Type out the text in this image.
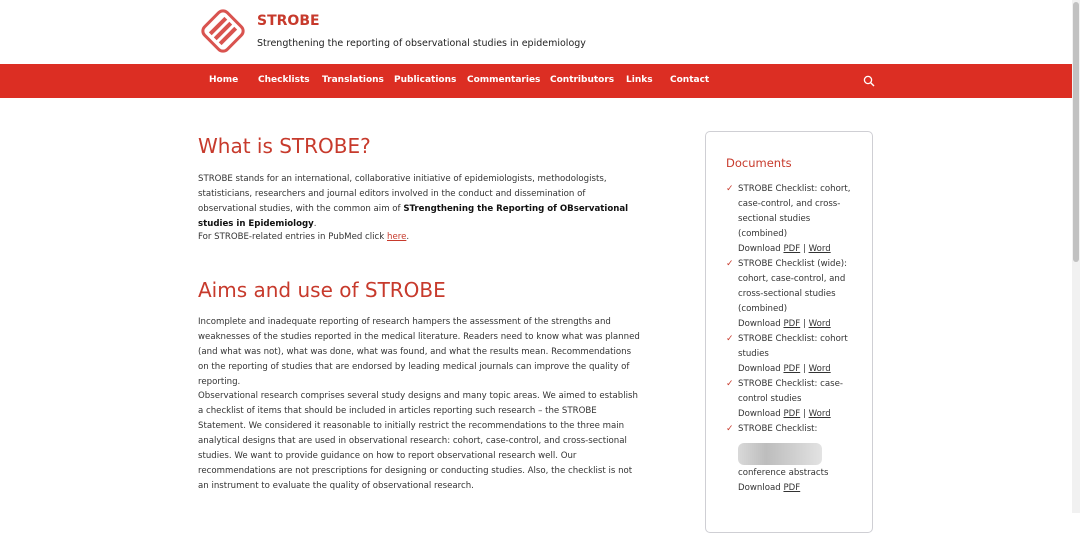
STROBE
Strengthening the reporting of observational studies in epidemiology
Home Checklists Translations Publications Commentaries Contributors Links Contact
What is STROBE?
STROBE stands for an international, collaborative initiative of epidemiologists, methodologists, statisticians, researchers and journal editors involved in the conduct and dissemination of observational studies, with the common aim of STrengthening the Reporting of OBservational studies in Epidemiology.
For STROBE-related entries in PubMed click here.
Aims and use of STROBE
Incomplete and inadequate reporting of research hampers the assessment of the strengths and weaknesses of the studies reported in the medical literature. Readers need to know what was planned (and what was not), what was done, what was found, and what the results mean. Recommendations on the reporting of studies that are endorsed by leading medical journals can improve the quality of reporting.
Observational research comprises several study designs and many topic areas. We aimed to establish a checklist of items that should be included in articles reporting such research – the STROBE Statement. We considered it reasonable to initially restrict the recommendations to the three main analytical designs that are used in observational research: cohort, case-control, and cross-sectional studies. We want to provide guidance on how to report observational research well. Our recommendations are not prescriptions for designing or conducting studies. Also, the checklist is not an instrument to evaluate the quality of observational research.
Documents
✓ STROBE Checklist: cohort, case-control, and cross-sectional studies (combined)
Download PDF | Word
✓ STROBE Checklist (wide): cohort, case-control, and cross-sectional studies (combined)
Download PDF | Word
✓ STROBE Checklist: cohort studies
Download PDF | Word
✓ STROBE Checklist: case-control studies
Download PDF | Word
✓ STROBE Checklist:
conference abstracts
Download PDF
